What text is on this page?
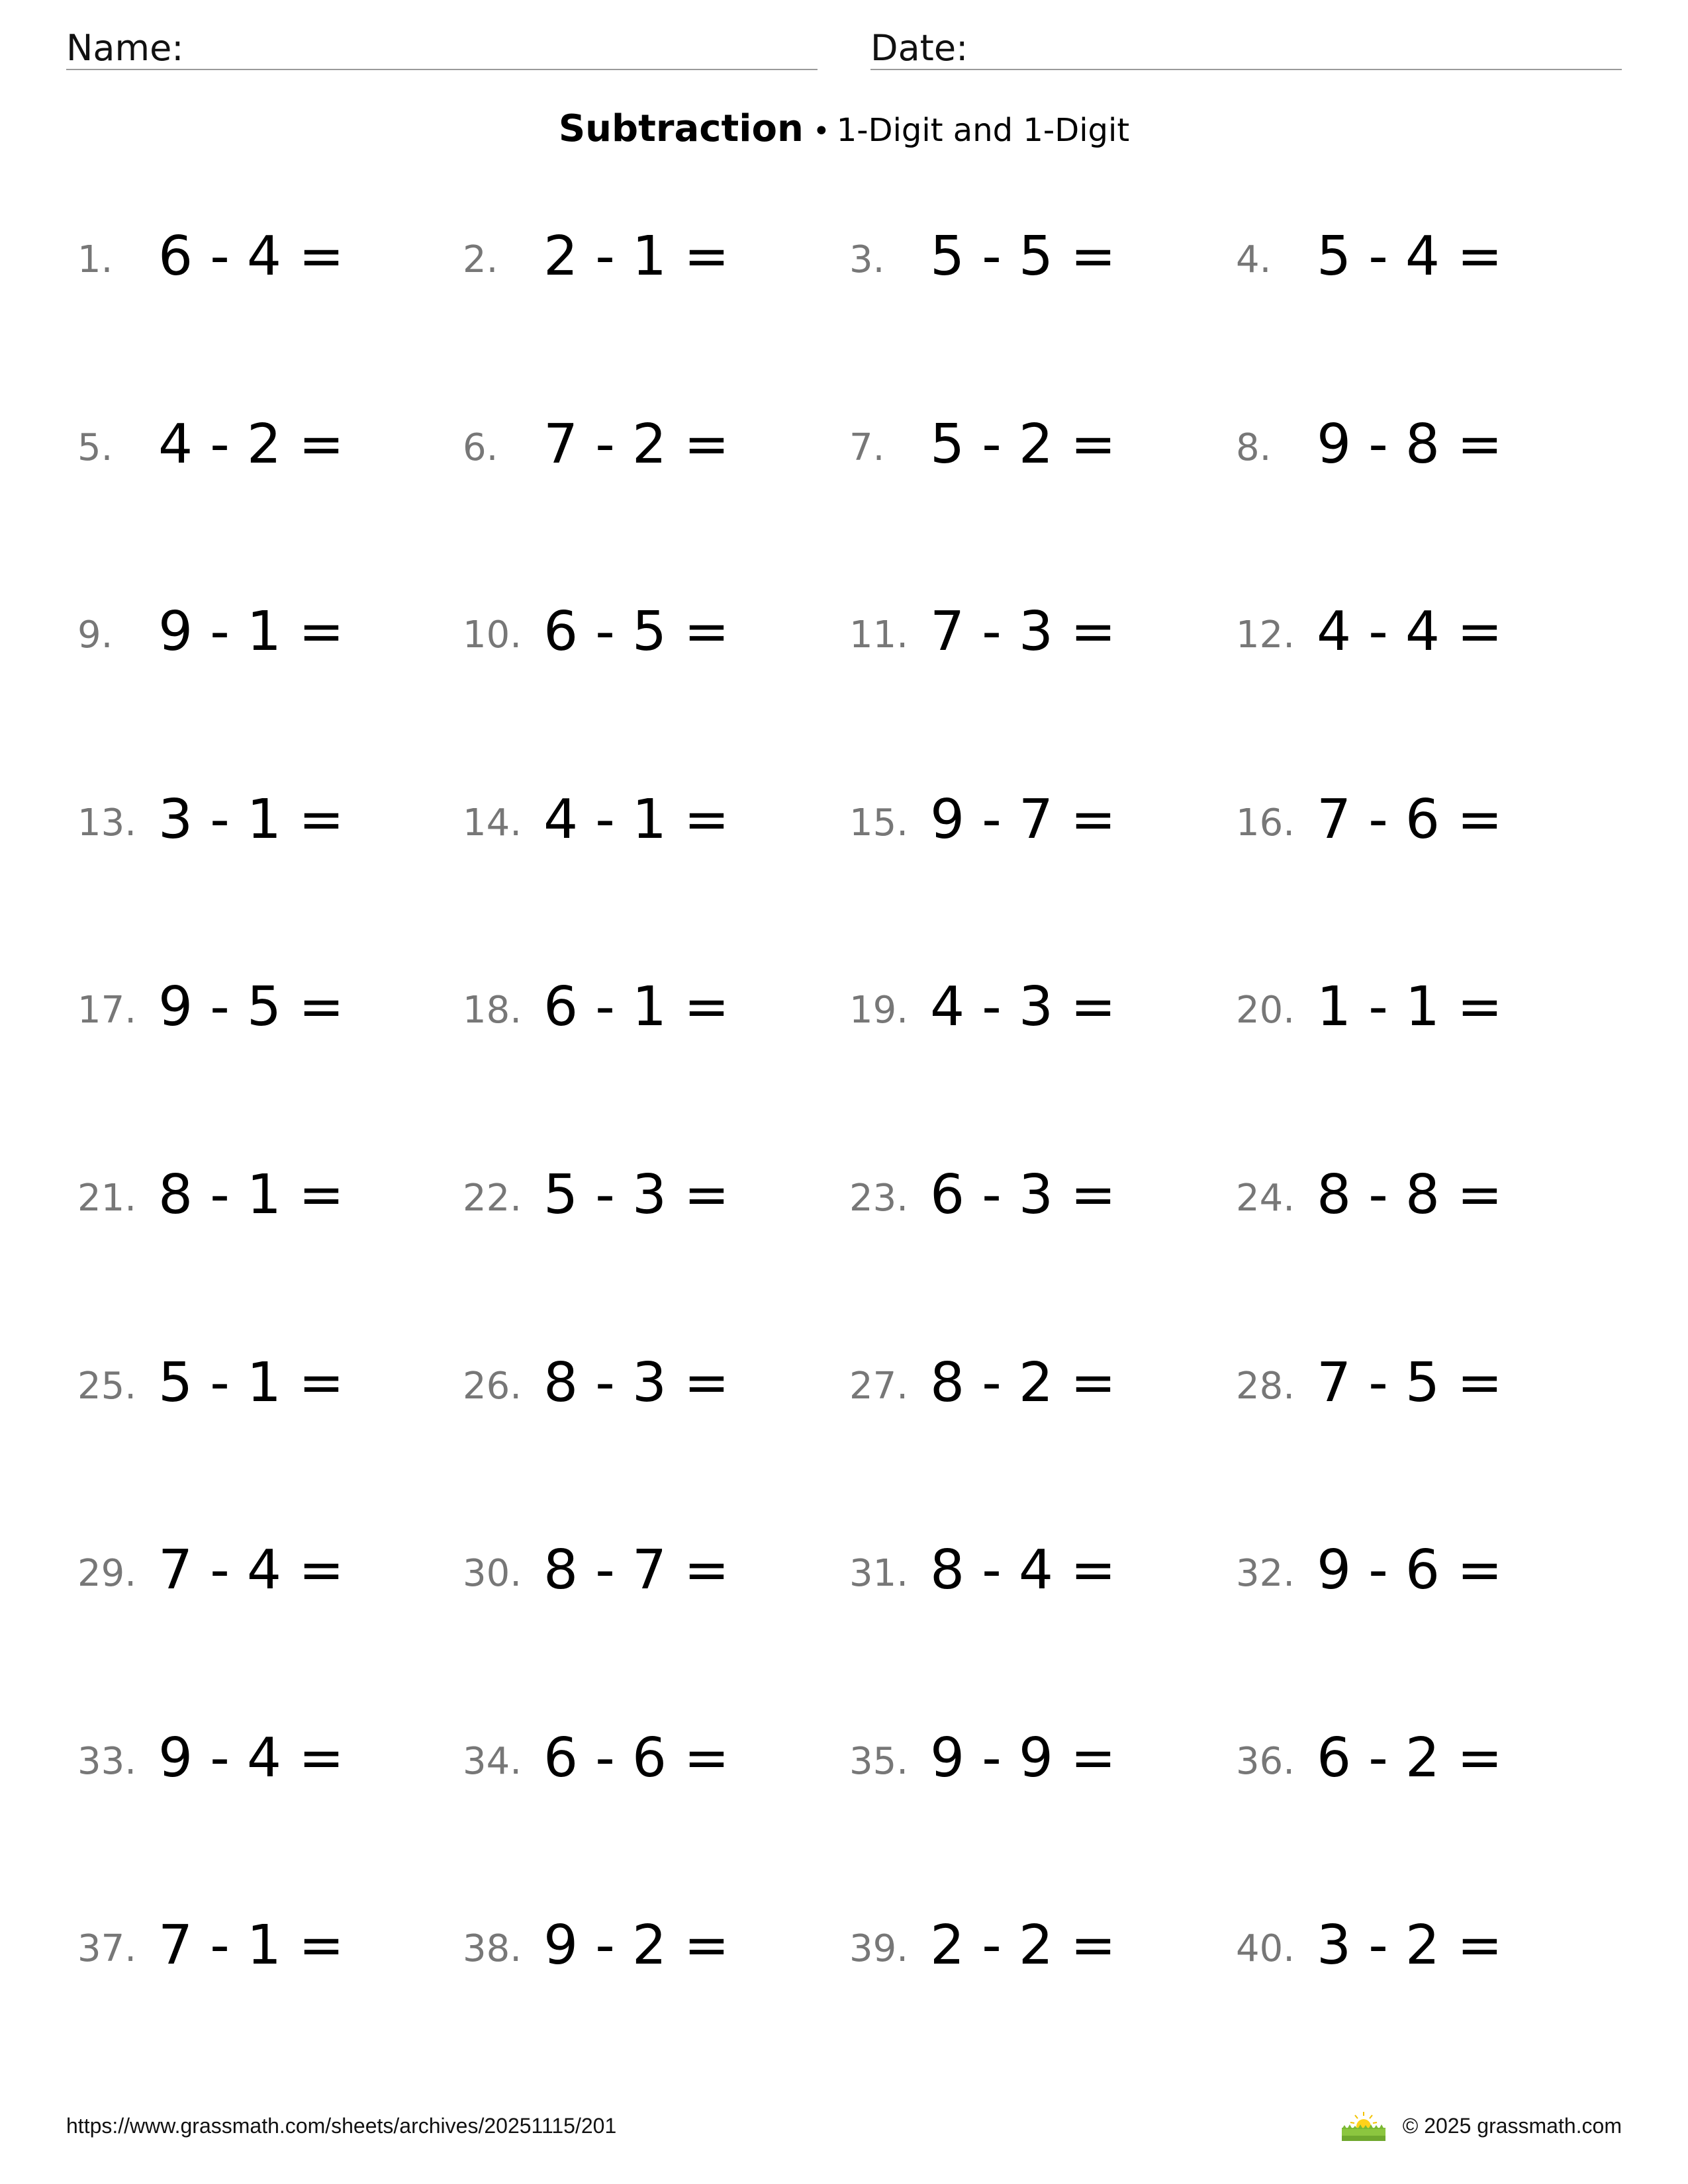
Name:	Date:
Subtraction • 1-Digit and 1-Digit
1. 6 - 4 =	2. 2 - 1 =	3. 5 - 5 =	4. 5 - 4 =
5. 4 - 2 =	6. 7 - 2 =	7. 5 - 2 =	8. 9 - 8 =
9. 9 - 1 =	10. 6 - 5 =	11. 7 - 3 =	12. 4 - 4 =
13. 3 - 1 =	14. 4 - 1 =	15. 9 - 7 =	16. 7 - 6 =
17. 9 - 5 =	18. 6 - 1 =	19. 4 - 3 =	20. 1 - 1 =
21. 8 - 1 =	22. 5 - 3 =	23. 6 - 3 =	24. 8 - 8 =
25. 5 - 1 =	26. 8 - 3 =	27. 8 - 2 =	28. 7 - 5 =
29. 7 - 4 =	30. 8 - 7 =	31. 8 - 4 =	32. 9 - 6 =
33. 9 - 4 =	34. 6 - 6 =	35. 9 - 9 =	36. 6 - 2 =
37. 7 - 1 =	38. 9 - 2 =	39. 2 - 2 =	40. 3 - 2 =
https://www.grassmath.com/sheets/archives/20251115/201	© 2025 grassmath.com
